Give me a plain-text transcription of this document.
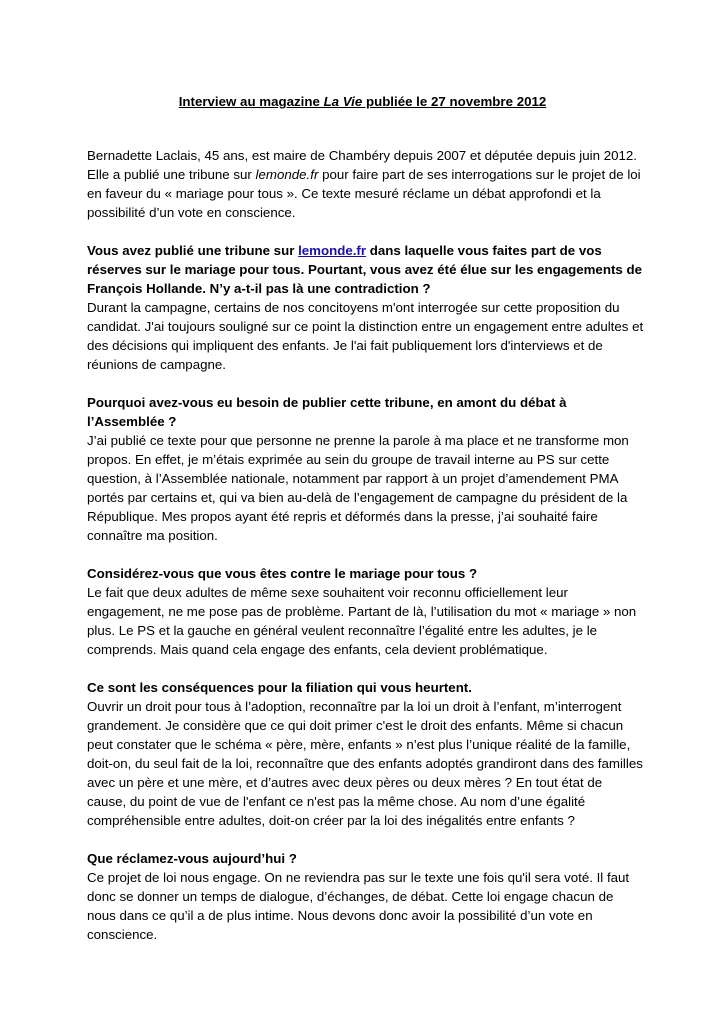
Interview au magazine La Vie publiée le 27 novembre 2012

Bernadette Laclais, 45 ans, est maire de Chambéry depuis 2007 et députée depuis juin 2012. Elle a publié une tribune sur lemonde.fr pour faire part de ses interrogations sur le projet de loi en faveur du « mariage pour tous ». Ce texte mesuré réclame un débat approfondi et la possibilité d’un vote en conscience.

Vous avez publié une tribune sur lemonde.fr dans laquelle vous faites part de vos réserves sur le mariage pour tous. Pourtant, vous avez été élue sur les engagements de François Hollande. N’y a-t-il pas là une contradiction ?

Durant la campagne, certains de nos concitoyens m'ont interrogée sur cette proposition du candidat. J'ai toujours souligné sur ce point la distinction entre un engagement entre adultes et des décisions qui impliquent des enfants. Je l'ai fait publiquement lors d'interviews et de réunions de campagne.

Pourquoi avez-vous eu besoin de publier cette tribune, en amont du débat à l’Assemblée ?

J’ai publié ce texte pour que personne ne prenne la parole à ma place et ne transforme mon propos. En effet, je m’étais exprimée au sein du groupe de travail interne au PS sur cette question, à l’Assemblée nationale, notamment par rapport à un projet d’amendement PMA portés par certains et, qui va bien au-delà de l’engagement de campagne du président de la République. Mes propos ayant été repris et déformés dans la presse, j’ai souhaité faire connaître ma position.

Considérez-vous que vous êtes contre le mariage pour tous ?

Le fait que deux adultes de même sexe souhaitent voir reconnu officiellement leur engagement, ne me pose pas de problème. Partant de là, l’utilisation du mot « mariage » non plus. Le PS et la gauche en général veulent reconnaître l’égalité entre les adultes, je le comprends. Mais quand cela engage des enfants, cela devient problématique.

Ce sont les conséquences pour la filiation qui vous heurtent.

Ouvrir un droit pour tous à l’adoption, reconnaître par la loi un droit à l’enfant, m’interrogent grandement. Je considère que ce qui doit primer c'est le droit des enfants. Même si chacun peut constater que le schéma « père, mère, enfants » n’est plus l’unique réalité de la famille, doit-on, du seul fait de la loi, reconnaître que des enfants adoptés grandiront dans des familles avec un père et une mère, et d’autres avec deux pères ou deux mères ? En tout état de cause, du point de vue de l'enfant ce n'est pas la même chose. Au nom d’une égalité compréhensible entre adultes, doit-on créer par la loi des inégalités entre enfants ?

Que réclamez-vous aujourd’hui ?

Ce projet de loi nous engage. On ne reviendra pas sur le texte une fois qu'il sera voté. Il faut donc se donner un temps de dialogue, d’échanges, de débat. Cette loi engage chacun de nous dans ce qu’il a de plus intime. Nous devons donc avoir la possibilité d’un vote en conscience.
